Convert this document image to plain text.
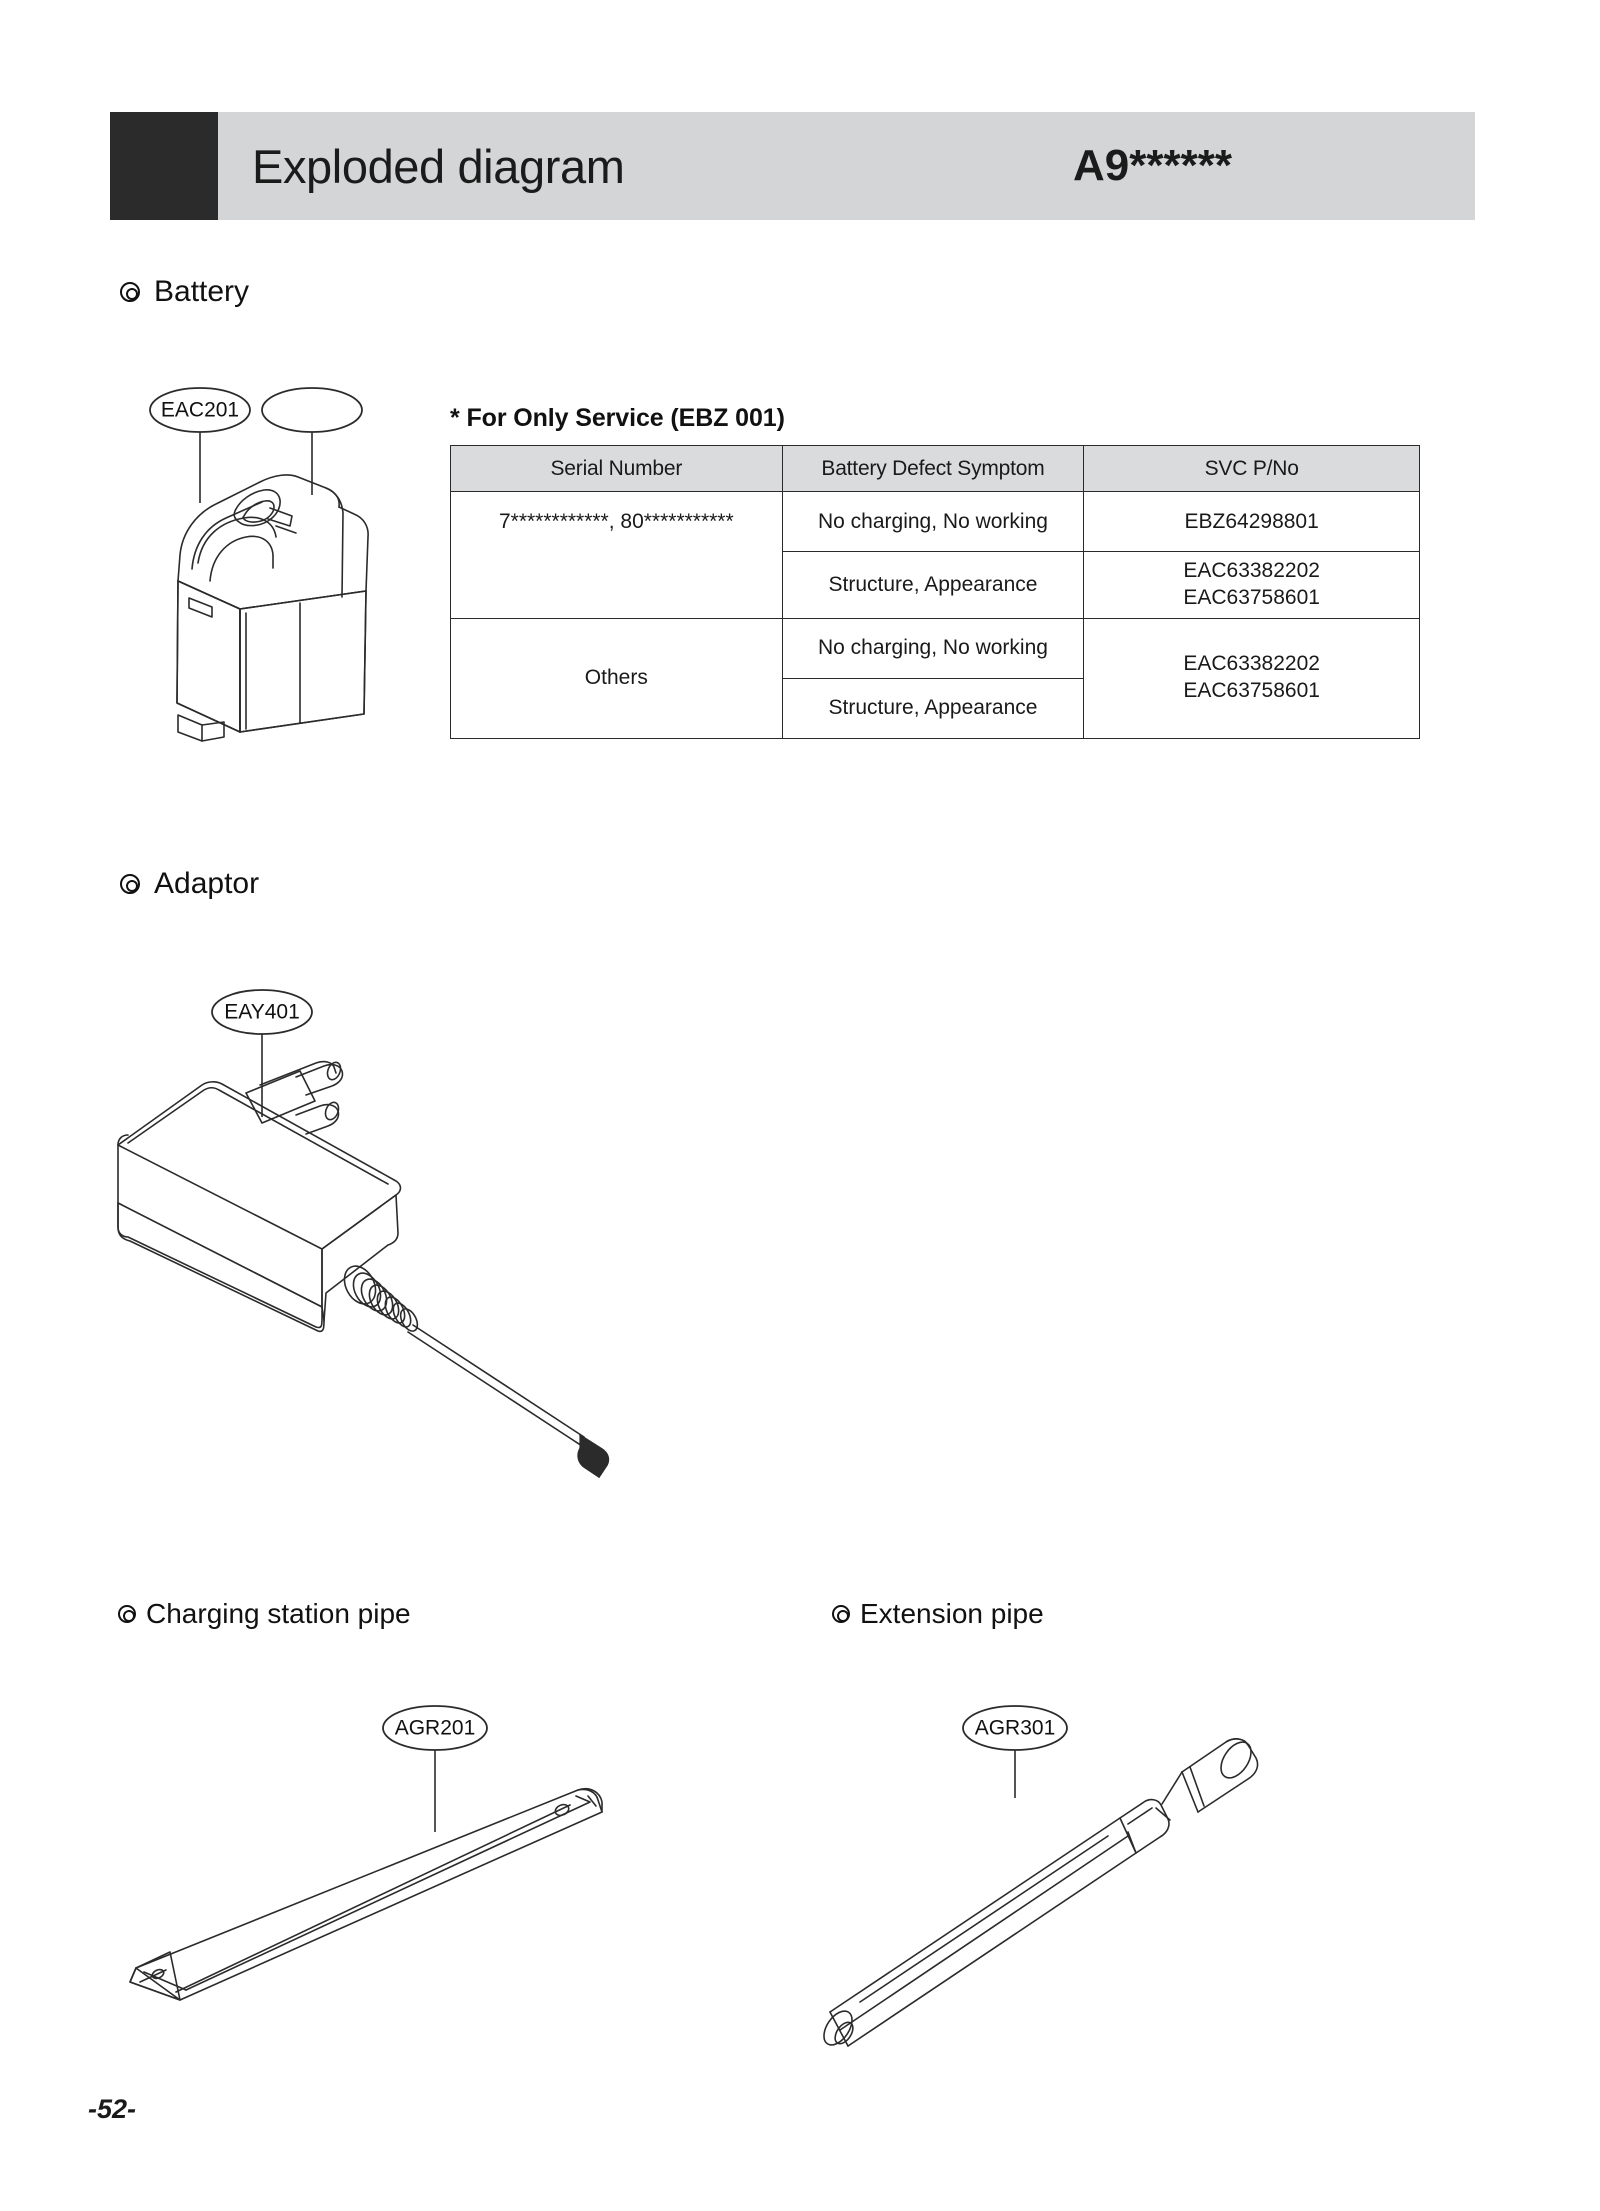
Exploded diagram	A9******
Battery
EAC201	* For Only Service (EBZ 001)
Serial Number	Battery Defect Symptom	SVC P/No
7************, 80***********	No charging, No working	EBZ64298801
	Structure, Appearance	EAC63382202
EAC63758601
Others	No charging, No working	EAC63382202
EAC63758601
	Structure, Appearance	
Adaptor
EAY401
Charging station pipe
AGR201
Extension pipe
AGR301
-52-
